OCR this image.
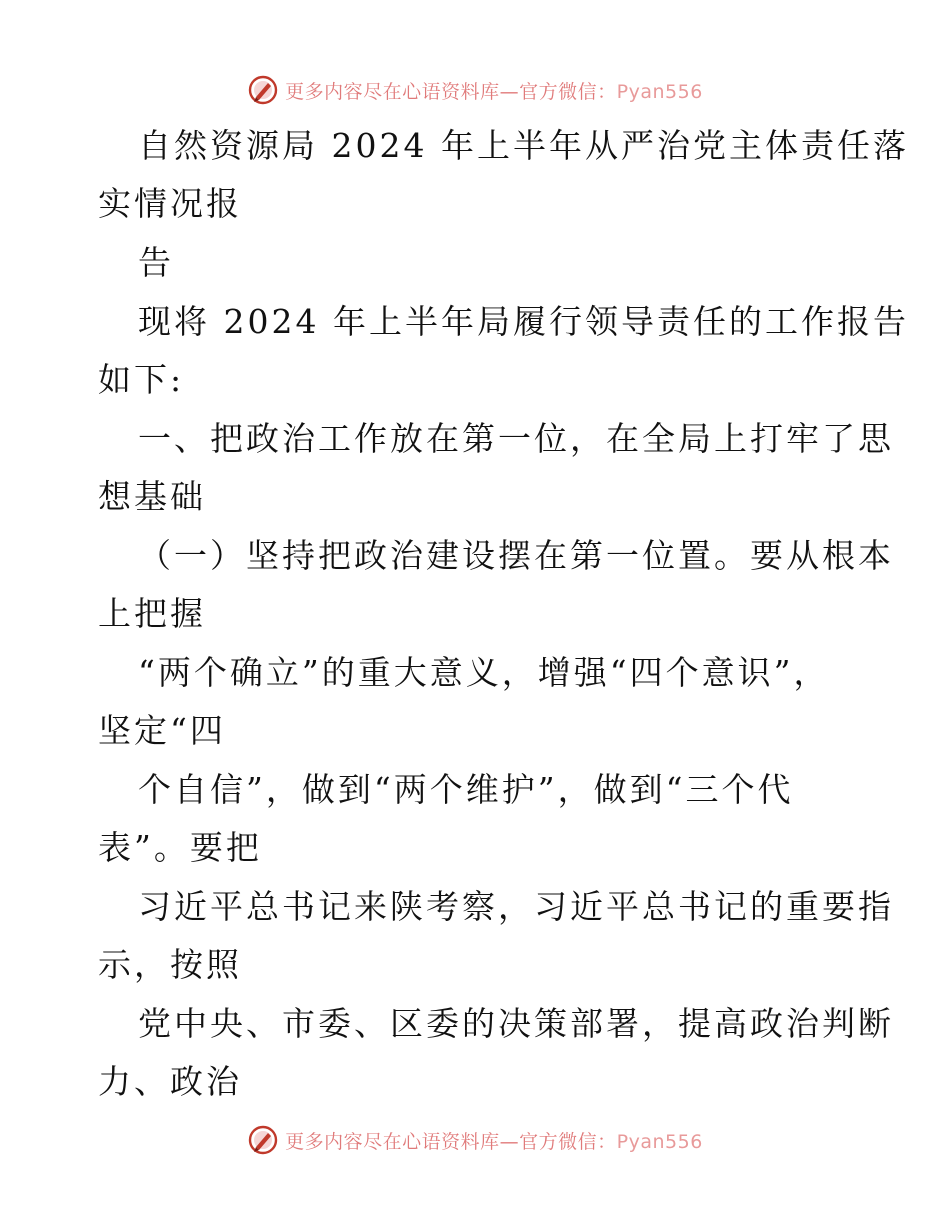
更多内容尽在心语资料库—官方微信：Pyan556
自然资源局 2024 年上半年从严治党主体责任落
实情况报
告
现将 2024 年上半年局履行领导责任的工作报告
如下:
一、把政治工作放在第一位，在全局上打牢了思
想基础
（一）坚持把政治建设摆在第一位置。要从根本
上把握
“两个确立”的重大意义，增强“四个意识”，
坚定“四
个自信”，做到“两个维护”，做到“三个代
表”。要把
习近平总书记来陕考察，习近平总书记的重要指
示，按照
党中央、市委、区委的决策部署，提高政治判断
力、政治
更多内容尽在心语资料库—官方微信：Pyan556
